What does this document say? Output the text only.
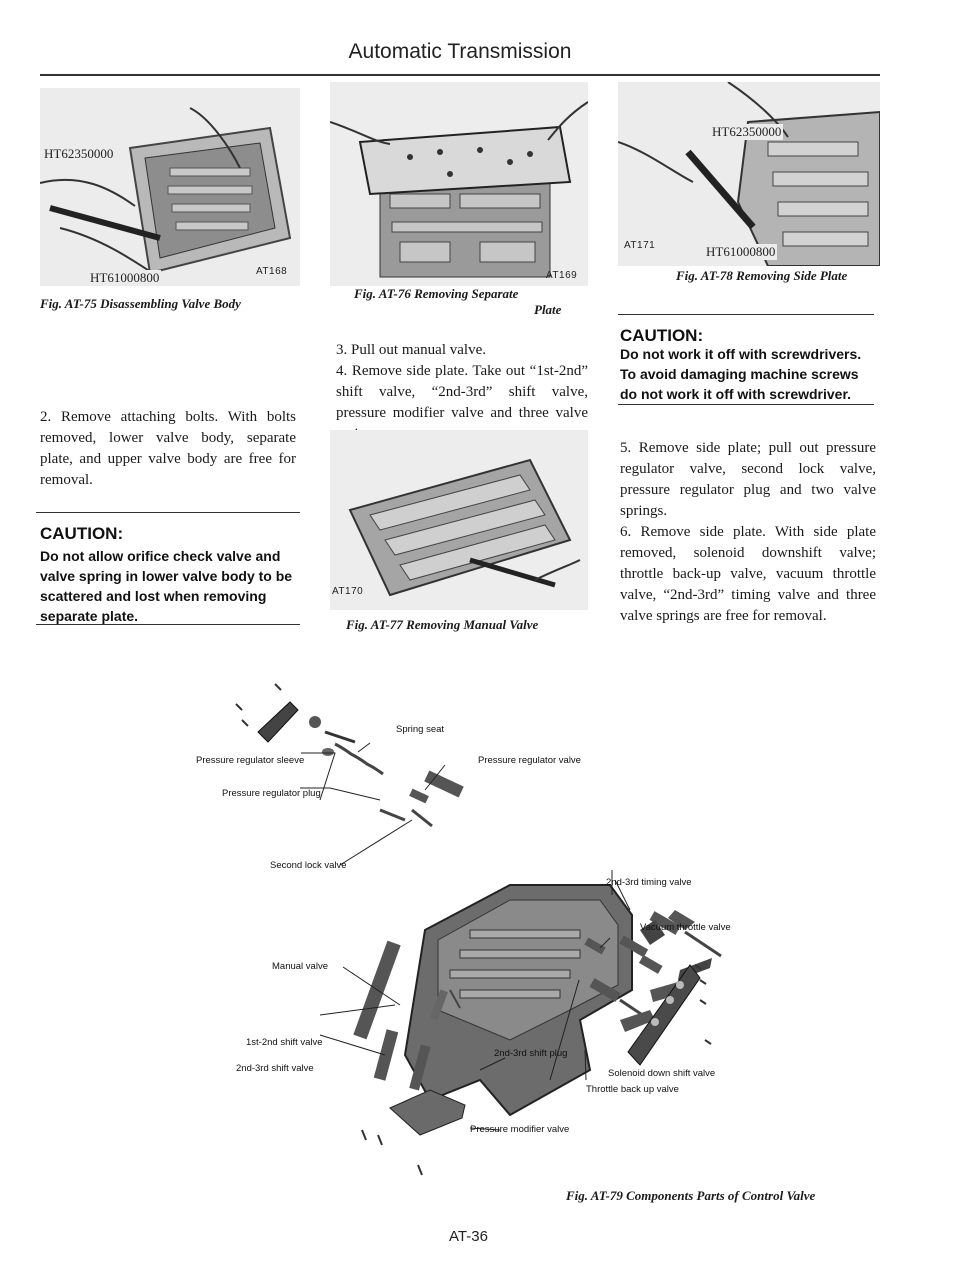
Automatic Transmission
HT62350000
HT61000800	AT168
Fig. AT-75 Disassembling Valve Body
2. Remove attaching bolts. With bolts removed, lower valve body, separate plate, and upper valve body are free for removal.
CAUTION:
Do not allow orifice check valve and valve spring in lower valve body to be scattered and lost when removing separate plate.
AT169
Fig. AT-76 Removing Separate
Plate
3. Pull out manual valve.
4. Remove side plate. Take out “1st-2nd” shift valve, “2nd-3rd” shift valve, pressure modifier valve and three valve
AT170
Fig. AT-77 Removing Manual Valve
HT62350000
AT171	HT61000800
Fig. AT-78 Removing Side Plate
CAUTION:
Do not work it off with screwdrivers. To avoid damaging machine screws do not work it off with screwdriver.
5. Remove side plate; pull out pressure regulator valve, second lock valve, pressure regulator plug and two valve springs.
6. Remove side plate. With side plate removed, solenoid downshift valve; throttle back-up valve, vacuum throttle valve, “2nd-3rd” timing valve and three valve springs are free for removal.
Spring seat
Pressure regulator sleeve	Pressure regulator valve
Pressure regulator plug
Second lock valve
2nd-3rd timing valve
Vacuum throttle valve
Manual valve
1st-2nd shift valve
2nd-3rd shift plug
2nd-3rd shift valve	Solenoid down shift valve
Throttle back up valve
Pressure modifier valve
Fig. AT-79 Components Parts of Control Valve
AT-36
